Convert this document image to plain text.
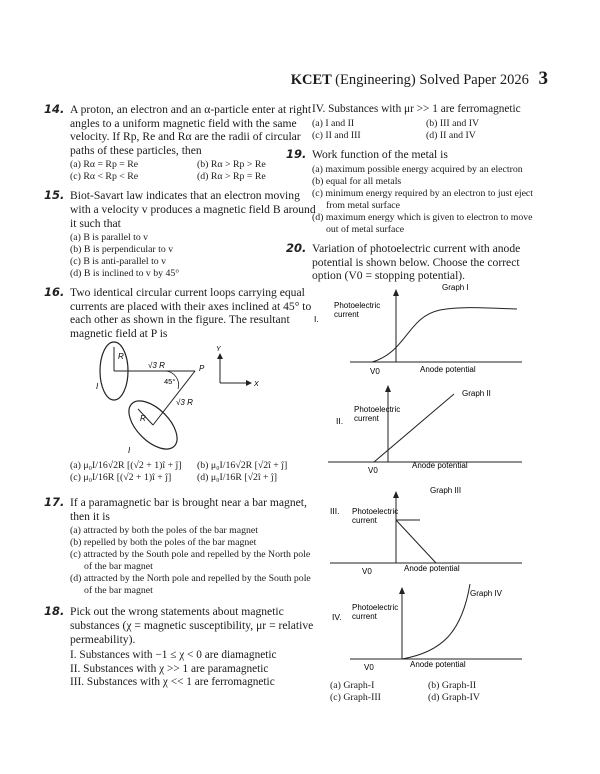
KCET (Engineering) Solved Paper 2026 3
14. A proton, an electron and an α-particle enter at right angles to a uniform magnetic field with the same velocity. If Rp, Re and Rα are the radii of circular paths of these particles, then
(a) Rα = Rp = Re	(b) Rα > Rp > Re
(c) Rα < Rp < Re	(d) Rα > Rp = Re
15. Biot-Savart law indicates that an electron moving with a velocity v produces a magnetic field B around it such that
(a) B is parallel to v
(b) B is perpendicular to v
(c) B is anti-parallel to v
(d) B is inclined to v by 45°
16. Two identical circular current loops carrying equal currents are placed with their axes inclined at 45° to each other as shown in the figure. The resultant magnetic field at P is
R
√3 R
I
P
45°
√3 R
R
I
Y
X
(a) μ₀I/16√2R [(√2 + 1)î + ĵ]	(b) μ₀I/16√2R [√2î + ĵ]
(c) μ₀I/16R [(√2 + 1)î + ĵ]	(d) μ₀I/16R [√2î + ĵ]
17. If a paramagnetic bar is brought near a bar magnet, then it is
(a) attracted by both the poles of the bar magnet
(b) repelled by both the poles of the bar magnet
(c) attracted by the South pole and repelled by the North pole of the bar magnet
(d) attracted by the North pole and repelled by the South pole of the bar magnet
18. Pick out the wrong statements about magnetic substances (χ = magnetic susceptibility, μr = relative permeability).
I. Substances with −1 ≤ χ < 0 are diamagnetic
II. Substances with χ >> 1 are paramagnetic
III. Substances with χ << 1 are ferromagnetic
IV. Substances with μr >> 1 are ferromagnetic
(a) I and II	(b) III and IV
(c) II and III	(d) II and IV
19. Work function of the metal is
(a) maximum possible energy acquired by an electron
(b) equal for all metals
(c) minimum energy required by an electron to just eject from metal surface
(d) maximum energy which is given to electron to move out of metal surface
20. Variation of photoelectric current with anode potential is shown below. Choose the correct option (V0 = stopping potential).
Graph I
I.
Photoelectric
current
V0	Anode potential
Graph II
II.
Photoelectric
current
V0
Anode potential
Graph III
III. Photoelectric
current
V0	Anode potential
Graph IV
IV.
Photoelectric
current
V0	Anode potential
(a) Graph-I	(b) Graph-II
(c) Graph-III	(d) Graph-IV
